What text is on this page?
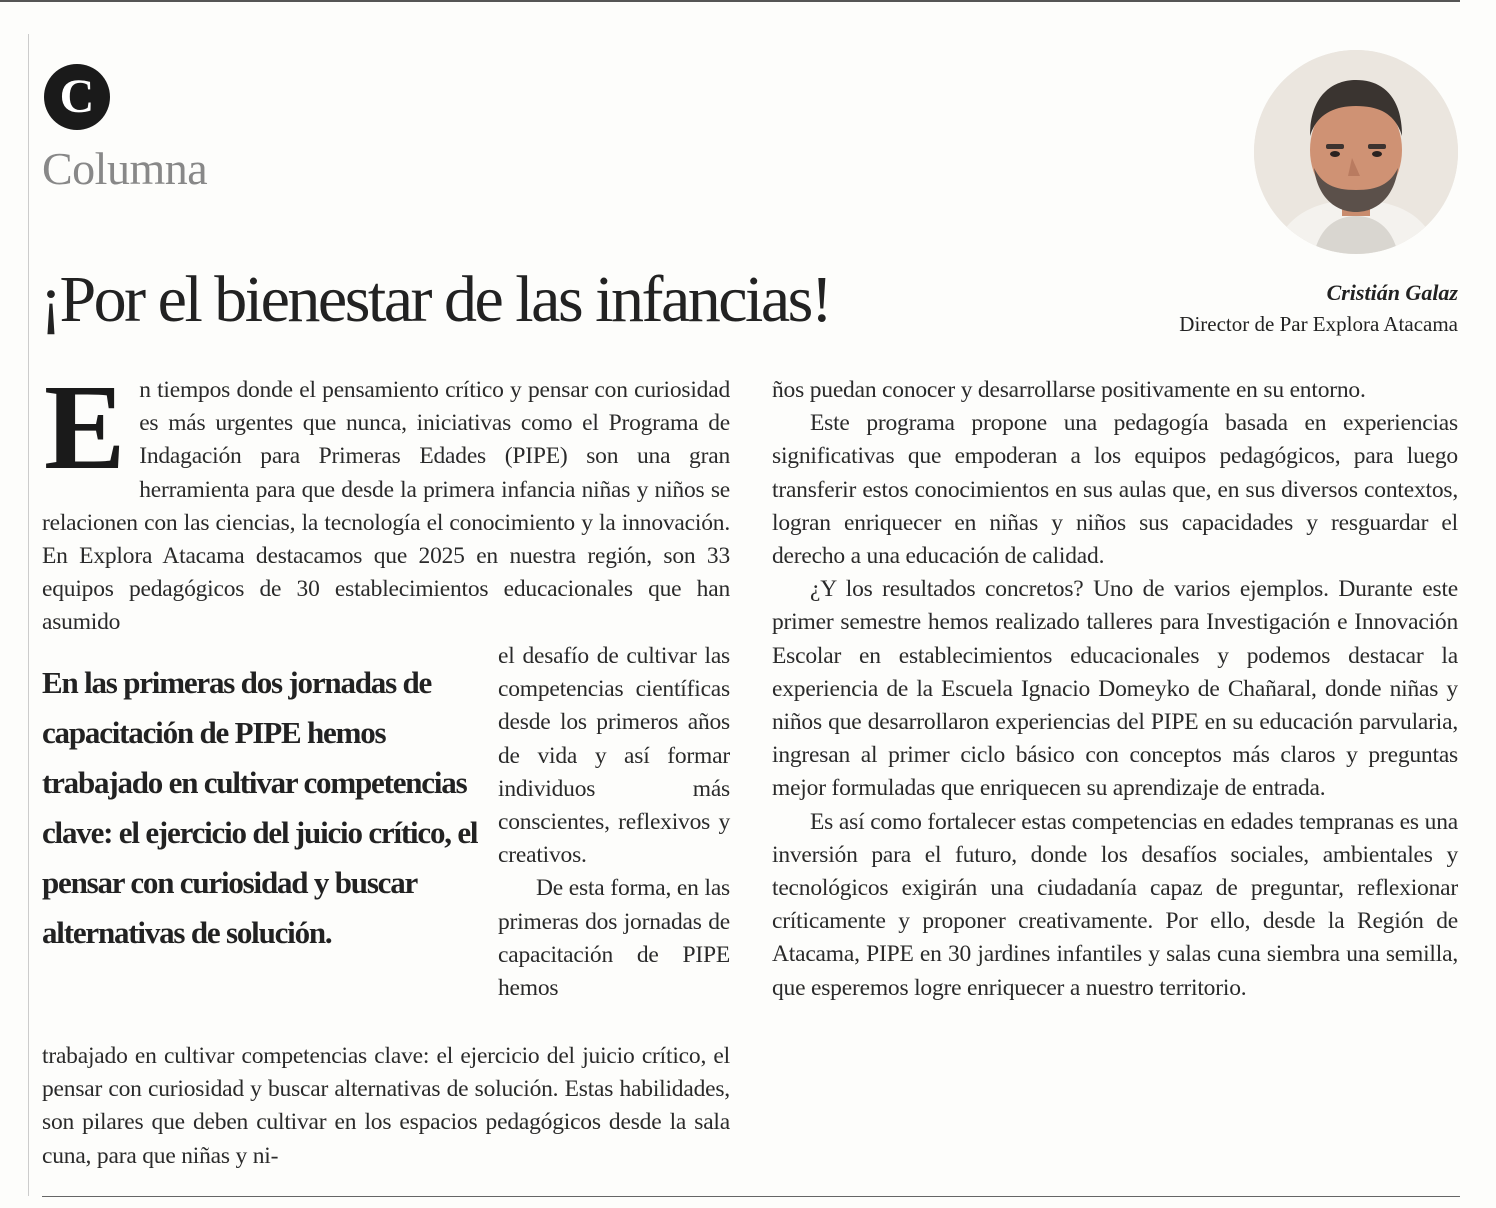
C
Columna
¡Por el bienestar de las infancias!	Cristián Galaz
Director de Par Explora Atacama

En tiempos donde el pensamiento crítico y pensar con curiosidad es más urgentes que nunca, iniciativas como el Programa de Indagación para Primeras Edades (PIPE) son una gran herramienta para que desde la primera infancia niñas y niños se relacionen con las ciencias, la tecnología el conocimiento y la innovación. En Explora Atacama destacamos que 2025 en nuestra región, son 33 equipos pedagógicos de 30 establecimientos educacionales que han asumido

En las primeras dos jornadas de capacitación de PIPE hemos trabajado en cultivar competencias clave: el ejercicio del juicio crítico, el pensar con curiosidad y buscar alternativas de solución.

el desafío de cultivar las competencias científicas desde los primeros años de vida y así formar individuos más conscientes, reflexivos y creativos.

De esta forma, en las primeras dos jornadas de capacitación de PIPE hemos

trabajado en cultivar competencias clave: el ejercicio del juicio crítico, el pensar con curiosidad y buscar alternativas de solución. Estas habilidades, son pilares que deben cultivar en los espacios pedagógicos desde la sala cuna, para que niñas y ni-

ños puedan conocer y desarrollarse positivamente en su entorno.

Este programa propone una pedagogía basada en experiencias significativas que empoderan a los equipos pedagógicos, para luego transferir estos conocimientos en sus aulas que, en sus diversos contextos, logran enriquecer en niñas y niños sus capacidades y resguardar el derecho a una educación de calidad.

¿Y los resultados concretos? Uno de varios ejemplos. Durante este primer semestre hemos realizado talleres para Investigación e Innovación Escolar en establecimientos educacionales y podemos destacar la experiencia de la Escuela Ignacio Domeyko de Chañaral, donde niñas y niños que desarrollaron experiencias del PIPE en su educación parvularia, ingresan al primer ciclo básico con conceptos más claros y preguntas mejor formuladas que enriquecen su aprendizaje de entrada.

Es así como fortalecer estas competencias en edades tempranas es una inversión para el futuro, donde los desafíos sociales, ambientales y tecnológicos exigirán una ciudadanía capaz de preguntar, reflexionar críticamente y proponer creativamente. Por ello, desde la Región de Atacama, PIPE en 30 jardines infantiles y salas cuna siembra una semilla, que esperemos logre enriquecer a nuestro territorio.
